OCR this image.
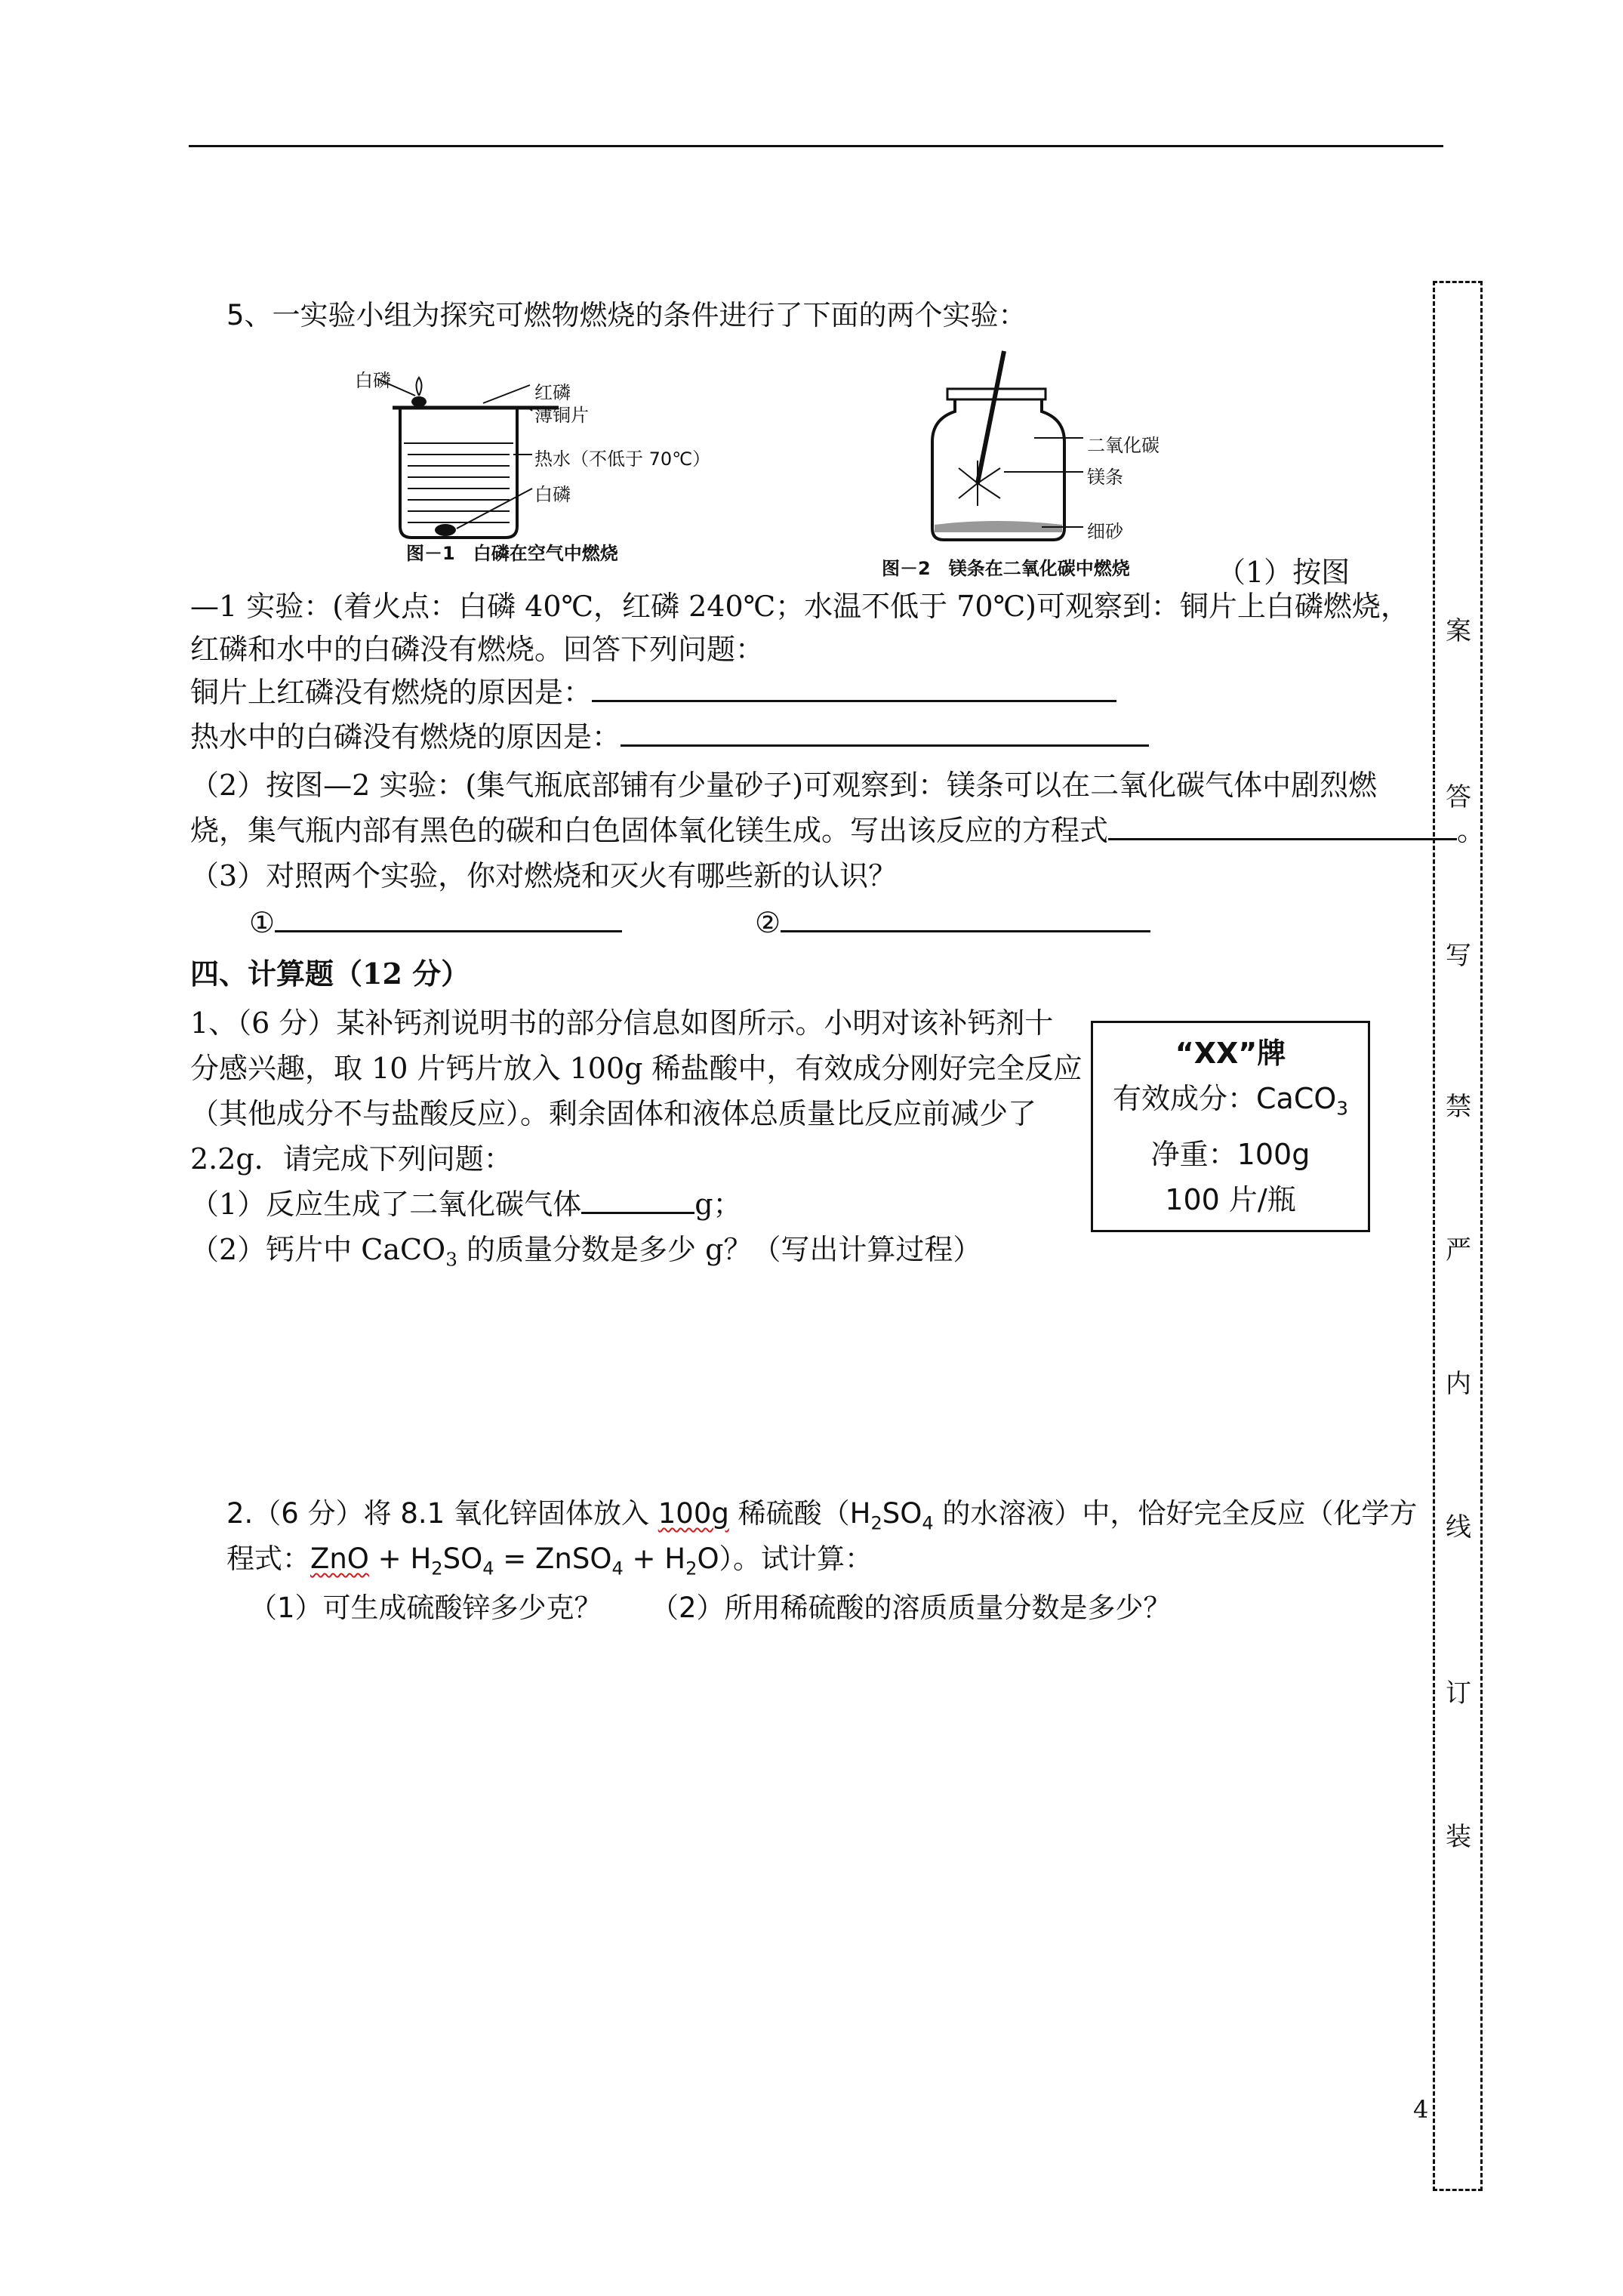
5、一实验小组为探究可燃物燃烧的条件进行了下面的两个实验：
白磷
红磷
薄铜片
热水（不低于 70℃）
白磷
图－1　白磷在空气中燃烧
二氧化碳
镁条
细砂
图－2　镁条在二氧化碳中燃烧	（1）按图
—1 实验：(着火点：白磷 40℃，红磷 240℃；水温不低于 70℃)可观察到：铜片上白磷燃烧，
红磷和水中的白磷没有燃烧。回答下列问题：
铜片上红磷没有燃烧的原因是：
热水中的白磷没有燃烧的原因是：
（2）按图—2 实验：(集气瓶底部铺有少量砂子)可观察到：镁条可以在二氧化碳气体中剧烈燃
烧，集气瓶内部有黑色的碳和白色固体氧化镁生成。写出该反应的方程式	。
（3）对照两个实验，你对燃烧和灭火有哪些新的认识？
①	②
四、计算题（12 分）
1、（6 分）某补钙剂说明书的部分信息如图所示。小明对该补钙剂十
分感兴趣，取 10 片钙片放入 100g 稀盐酸中，有效成分刚好完全反应
（其他成分不与盐酸反应）。剩余固体和液体总质量比反应前减少了
2.2g．请完成下列问题：
（1）反应生成了二氧化碳气体	g；
（2）钙片中 CaCO$_3$ 的质量分数是多少 g？（写出计算过程）
“XX”牌
有效成分：CaCO$_3$
净重：100g
100 片/瓶
2.（6 分）将 8.1 氧化锌固体放入 100g 稀硫酸（$H_2SO_4$ 的水溶液）中，恰好完全反应（化学方
程式：ZnO + $H_2SO_4$ = ZnSO$_4$ + $H_2O$）。试计算：
（1）可生成硫酸锌多少克？ （2）所用稀硫酸的溶质质量分数是多少？
案
答
写
禁
严
内
线
订
装
4
